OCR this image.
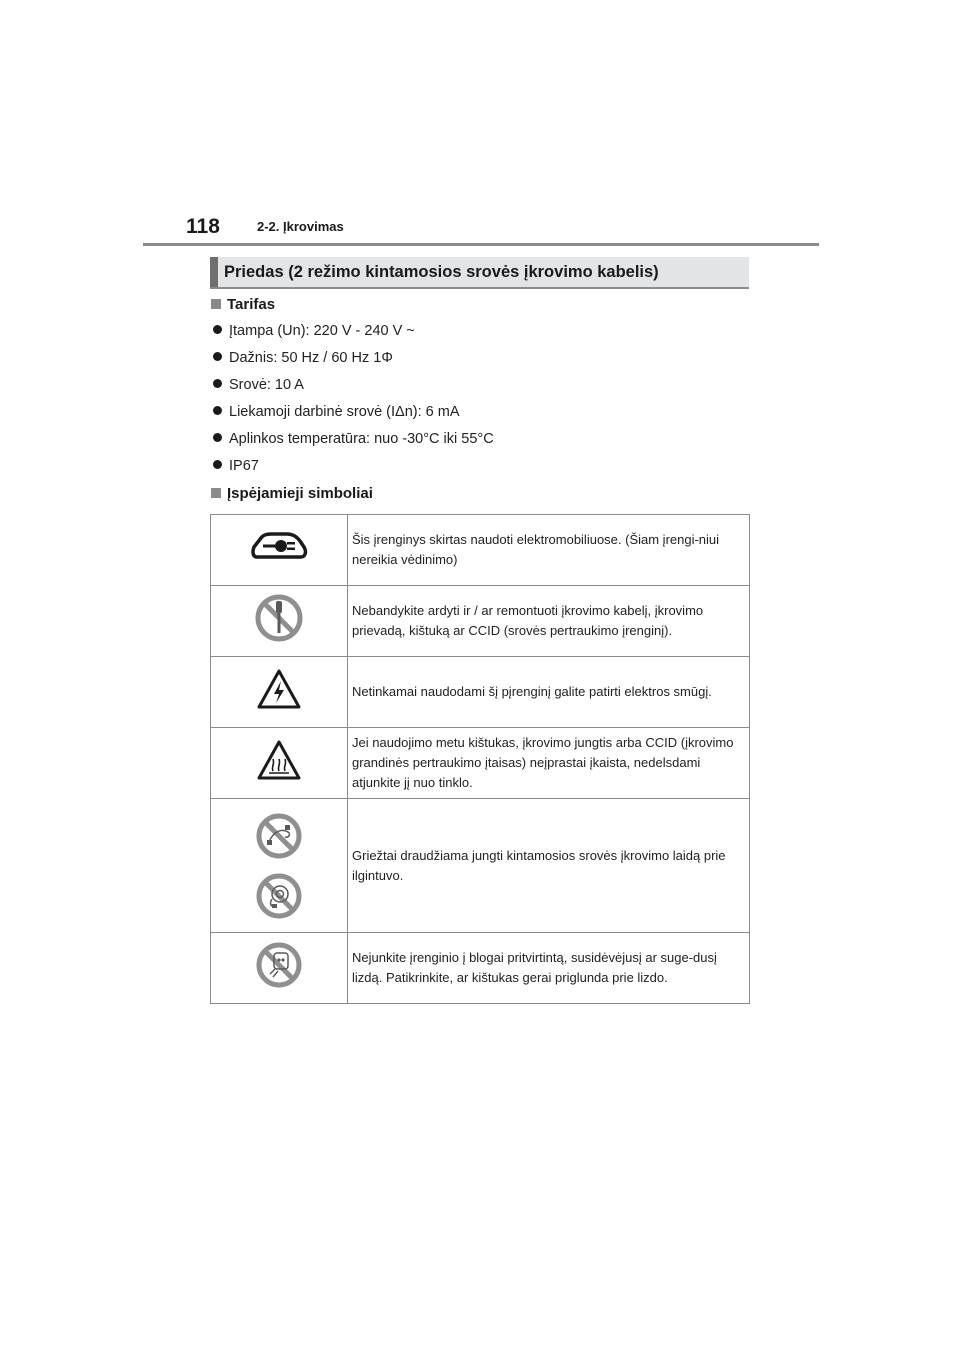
118	2-2. Įkrovimas
Priedas (2 režimo kintamosios srovės įkrovimo kabelis)
Tarifas
Įtampa (Un): 220 V - 240 V ~
Dažnis: 50 Hz / 60 Hz 1Φ
Srovė: 10 A
Liekamoji darbinė srovė (IΔn): 6 mA
Aplinkos temperatūra: nuo -30°C iki 55°C
IP67
Įspėjamieji simboliai
	Šis įrenginys skirtas naudoti elektromobiliuose. (Šiam įrengi-niui nereikia vėdinimo)
	Nebandykite ardyti ir / ar remontuoti įkrovimo kabelį, įkrovimo prievadą, kištuką ar CCID (srovės pertraukimo įrenginį).
	Netinkamai naudodami šį pįrenginį galite patirti elektros smūgį.
	Jei naudojimo metu kištukas, įkrovimo jungtis arba CCID (įkrovimo grandinės pertraukimo įtaisas) neįprastai įkaista, nedelsdami atjunkite jį nuo tinklo.

	Griežtai draudžiama jungti kintamosios srovės įkrovimo laidą prie ilgintuvo.
	Nejunkite įrenginio į blogai pritvirtintą, susidėvėjusį ar suge-dusį lizdą. Patikrinkite, ar kištukas gerai priglunda prie lizdo.
